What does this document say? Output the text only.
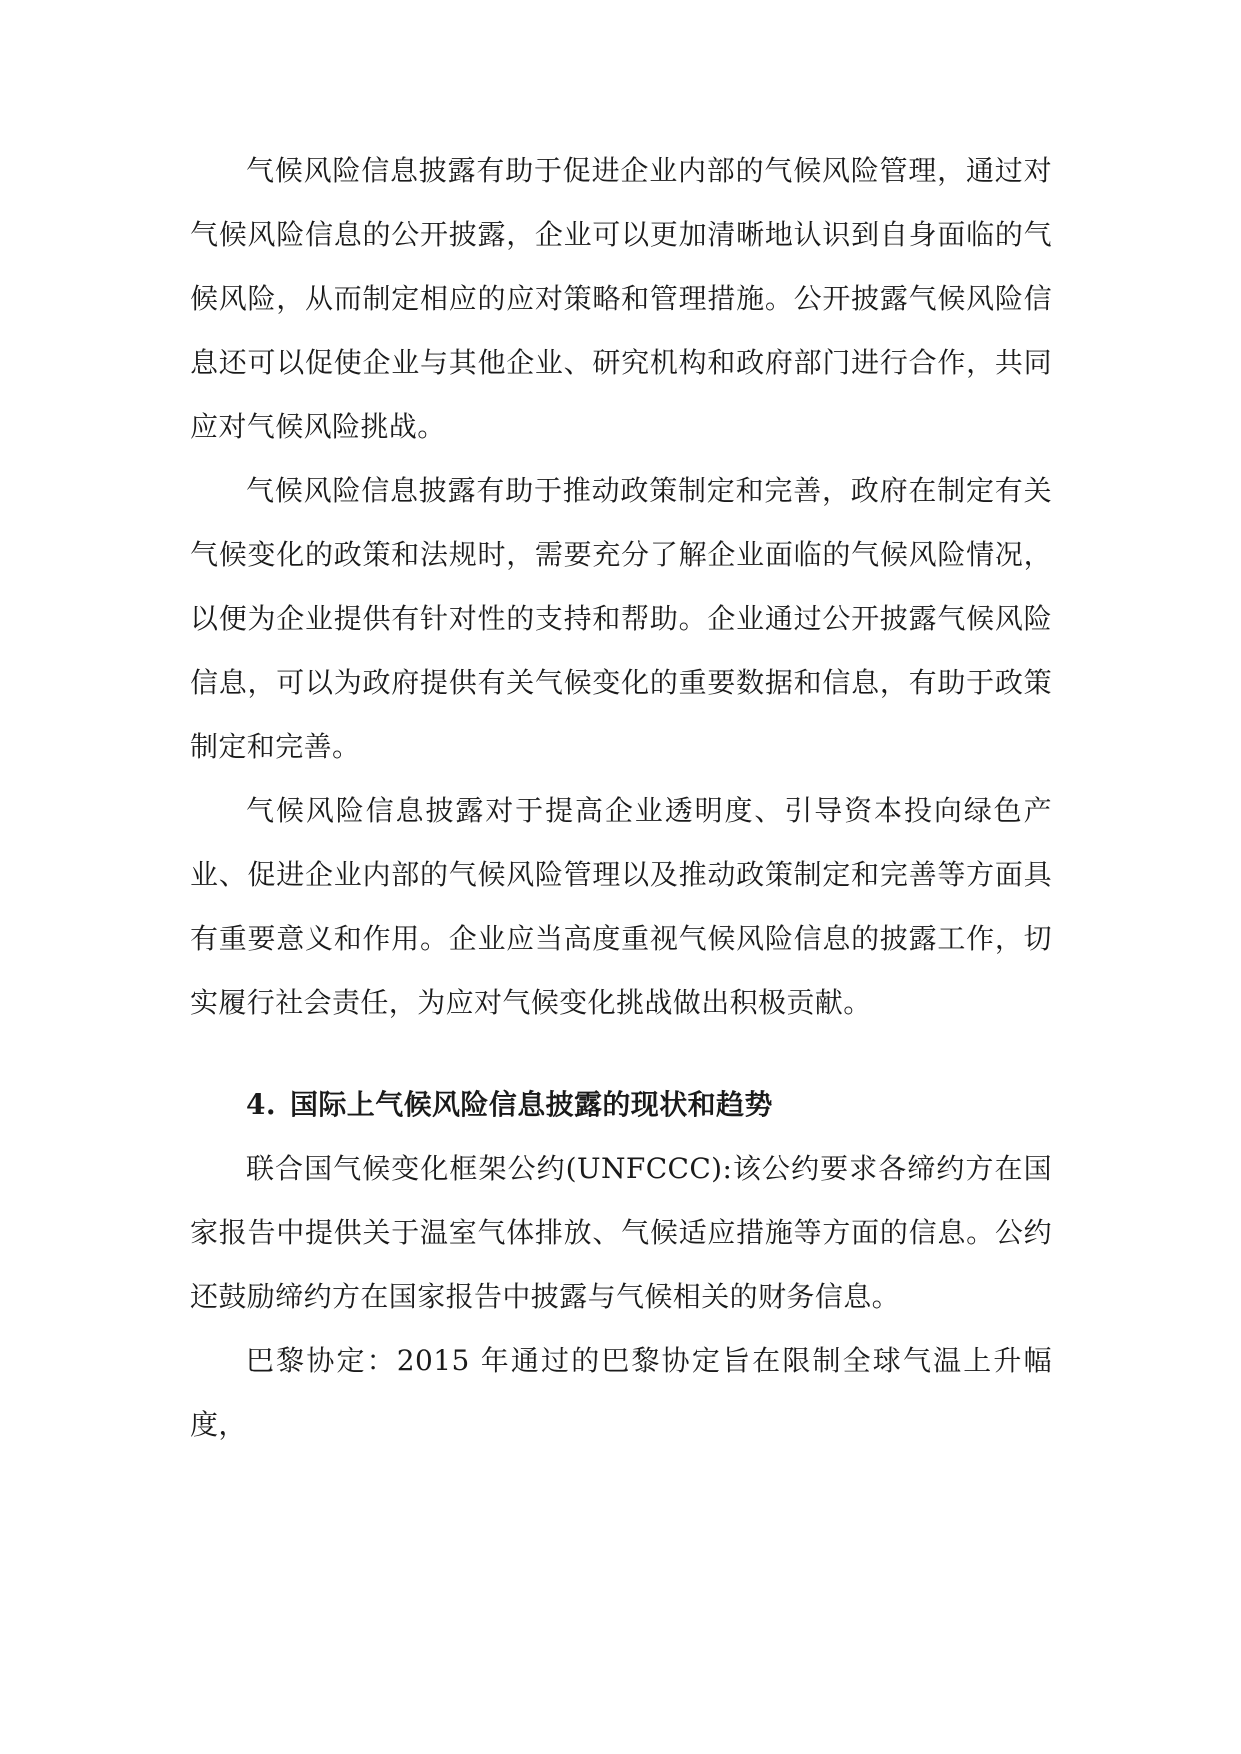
气候风险信息披露有助于促进企业内部的气候风险管理，通过对气候风险信息的公开披露，企业可以更加清晰地认识到自身面临的气候风险，从而制定相应的应对策略和管理措施。公开披露气候风险信息还可以促使企业与其他企业、研究机构和政府部门进行合作，共同应对气候风险挑战。

气候风险信息披露有助于推动政策制定和完善，政府在制定有关气候变化的政策和法规时，需要充分了解企业面临的气候风险情况，以便为企业提供有针对性的支持和帮助。企业通过公开披露气候风险信息，可以为政府提供有关气候变化的重要数据和信息，有助于政策制定和完善。

气候风险信息披露对于提高企业透明度、引导资本投向绿色产业、促进企业内部的气候风险管理以及推动政策制定和完善等方面具有重要意义和作用。企业应当高度重视气候风险信息的披露工作，切实履行社会责任，为应对气候变化挑战做出积极贡献。

4. 国际上气候风险信息披露的现状和趋势

联合国气候变化框架公约(UNFCCC):该公约要求各缔约方在国家报告中提供关于温室气体排放、气候适应措施等方面的信息。公约还鼓励缔约方在国家报告中披露与气候相关的财务信息。

巴黎协定：2015 年通过的巴黎协定旨在限制全球气温上升幅度，
